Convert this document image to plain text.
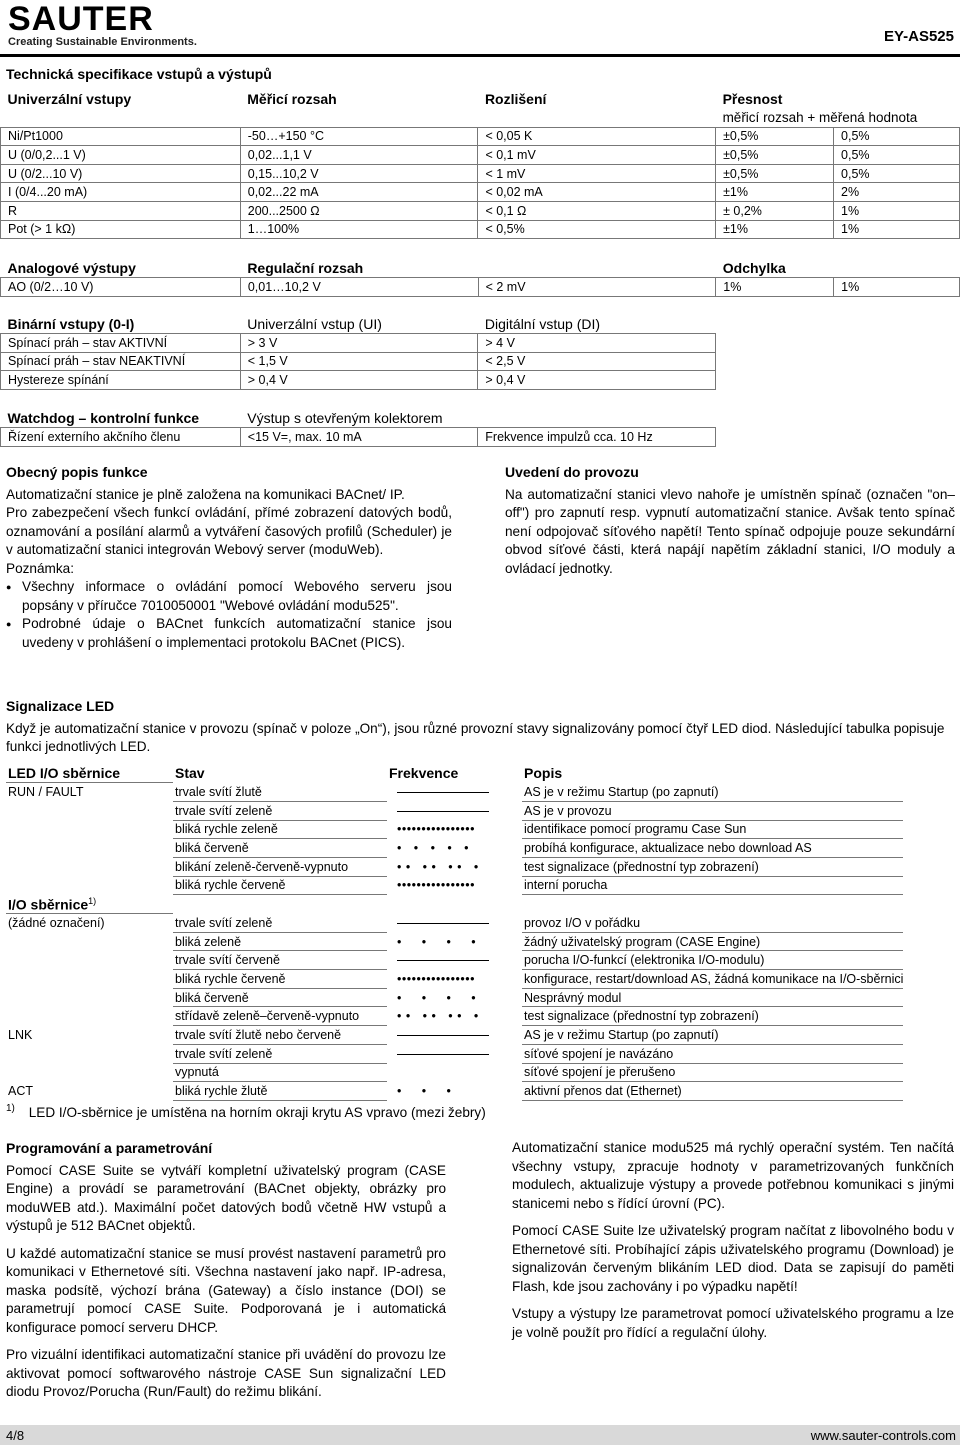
SAUTER
Creating Sustainable Environments.	EY-AS525
Technická specifikace vstupů a výstupů
Univerzální vstupy	Měřicí rozsah	Rozlišení	Přesnost	
			měřicí rozsah + měřená hodnota	
Ni/Pt1000	-50…+150 °C	< 0,05 K	±0,5%	0,5%
U (0/0,2...1 V)	0,02...1,1 V	< 0,1 mV	±0,5%	0,5%
U (0/2...10 V)	0,15...10,2 V	< 1 mV	±0,5%	0,5%
I (0/4...20 mA)	0,02...22 mA	< 0,02 mA	±1%	2%
R	200...2500 Ω	< 0,1 Ω	± 0,2%	1%
Pot (> 1 kΩ)	1…100%	< 0,5%	±1%	1%
Analogové výstupy	Regulační rozsah		Odchylka	
AO (0/2…10 V)	0,01…10,2 V	< 2 mV	1%	1%
Binární vstupy (0-I)	Univerzální vstup (UI)	Digitální vstup (DI)
Spínací práh – stav AKTIVNÍ	> 3 V	> 4 V
Spínací práh – stav NEAKTIVNÍ	< 1,5 V	< 2,5 V
Hystereze spínání	> 0,4 V	> 0,4 V
Watchdog – kontrolní funkce	Výstup s otevřeným kolektorem	
Řízení externího akčního členu	<15 V=, max. 10 mA	Frekvence impulzů cca. 10 Hz

Obecný popis funkce

Automatizační stanice je plně založena na komunikaci BACnet/ IP.

Pro zabezpečení všech funkcí ovládání, přímé zobrazení datových bodů, oznamování a posílání alarmů a vytváření časových profilů (Scheduler) je v automatizační stanici integrován Webový server (moduWeb).

Poznámka:

● Všechny informace o ovládání pomocí Webového serveru jsou popsány v příručce 7010050001 "Webové ovládání modu525".
● Podrobné údaje o BACnet funkcích automatizační stanice jsou uvedeny v prohlášení o implementaci protokolu BACnet (PICS).

Uvedení do provozu

Na automatizační stanici vlevo nahoře je umístněn spínač (označen "on–off") pro zapnutí resp. vypnutí automatizační stanice. Avšak tento spínač není odpojovač síťového napětí! Tento spínač odpojuje pouze sekundární obvod síťové části, která napájí napětím základní stanici, I/O moduly a ovládací jednotky.

Signalizace LED

Když je automatizační stanice v provozu (spínač v poloze „On“), jsou různé provozní stavy signalizovány pomocí čtyř LED diod. Následující tabulka popisuje funkci jednotlivých LED.

LED I/O sběrnice	Stav	Frekvence	Popis
RUN / FAULT	trvale svítí žlutě		AS je v režimu Startup (po zapnutí)
	trvale svítí zeleně		AS je v provozu
	bliká rychle zeleně	••••••••••••••••	identifikace pomocí programu Case Sun
	bliká červeně	•   •   •   •   •	probíhá konfigurace, aktualizace nebo download AS
	blikání zeleně-červeně-vypnuto	• •   • •   • •   •	test signalizace (přednostní typ zobrazení)
	bliká rychle červeně	••••••••••••••••	interní porucha
I/O sběrnice$^{1)}$			
(žádné označení)	trvale svítí zeleně		provoz I/O v pořádku
	bliká zeleně	•     •     •     •	žádný uživatelský program (CASE Engine)
	trvale svítí červeně		porucha I/O-funkcí (elektronika I/O-modulu)
	bliká rychle červeně	••••••••••••••••	konfigurace, restart/download AS, žádná komunikace na I/O-sběrnici
	bliká červeně	•     •     •     •	Nesprávný modul
	střídavě zeleně–červeně-vypnuto	• •   • •   • •   •	test signalizace (přednostní typ zobrazení)
LNK	trvale svítí žlutě nebo červeně		AS je v režimu Startup (po zapnutí)
	trvale svítí zeleně		síťové spojení je navázáno
	vypnutá		síťové spojení je přerušeno
ACT	bliká rychle žlutě	•     •     •	aktivní přenos dat (Ethernet)
$^{1)}$ LED I/O-sběrnice je umístěna na horním okraji krytu AS vpravo (mezi žebry)

Programování a parametrování

Pomocí CASE Suite se vytváří kompletní uživatelský program (CASE Engine) a provádí se parametrování (BACnet objekty, obrázky pro moduWEB atd.). Maximální počet datových bodů včetně HW vstupů a výstupů je 512 BACnet objektů.

U každé automatizační stanice se musí provést nastavení parametrů pro komunikaci v Ethernetové síti. Všechna nastavení jako např. IP-adresa, maska podsítě, výchozí brána (Gateway) a číslo instance (DOI) se parametrují pomocí CASE Suite. Podporovaná je i automatická konfigurace pomocí serveru DHCP.

Pro vizuální identifikaci automatizační stanice při uvádění do provozu lze aktivovat pomocí softwarového nástroje CASE Sun signalizační LED diodu Provoz/Porucha (Run/Fault) do režimu blikání.

Automatizační stanice modu525 má rychlý operační systém. Ten načítá všechny vstupy, zpracuje hodnoty v parametrizovaných funkčních modulech, aktualizuje výstupy a provede potřebnou komunikaci s jinými stanicemi nebo s řídící úrovní (PC).

Pomocí CASE Suite lze uživatelský program načítat z libovolného bodu v Ethernetové síti. Probíhající zápis uživatelského programu (Download) je signalizován červeným blikáním LED diod. Data se zapisují do paměti Flash, kde jsou zachovány i po výpadku napětí!

Vstupy a výstupy lze parametrovat pomocí uživatelského programu a lze je volně použít pro řídící a regulační úlohy.

4/8	www.sauter-controls.com
